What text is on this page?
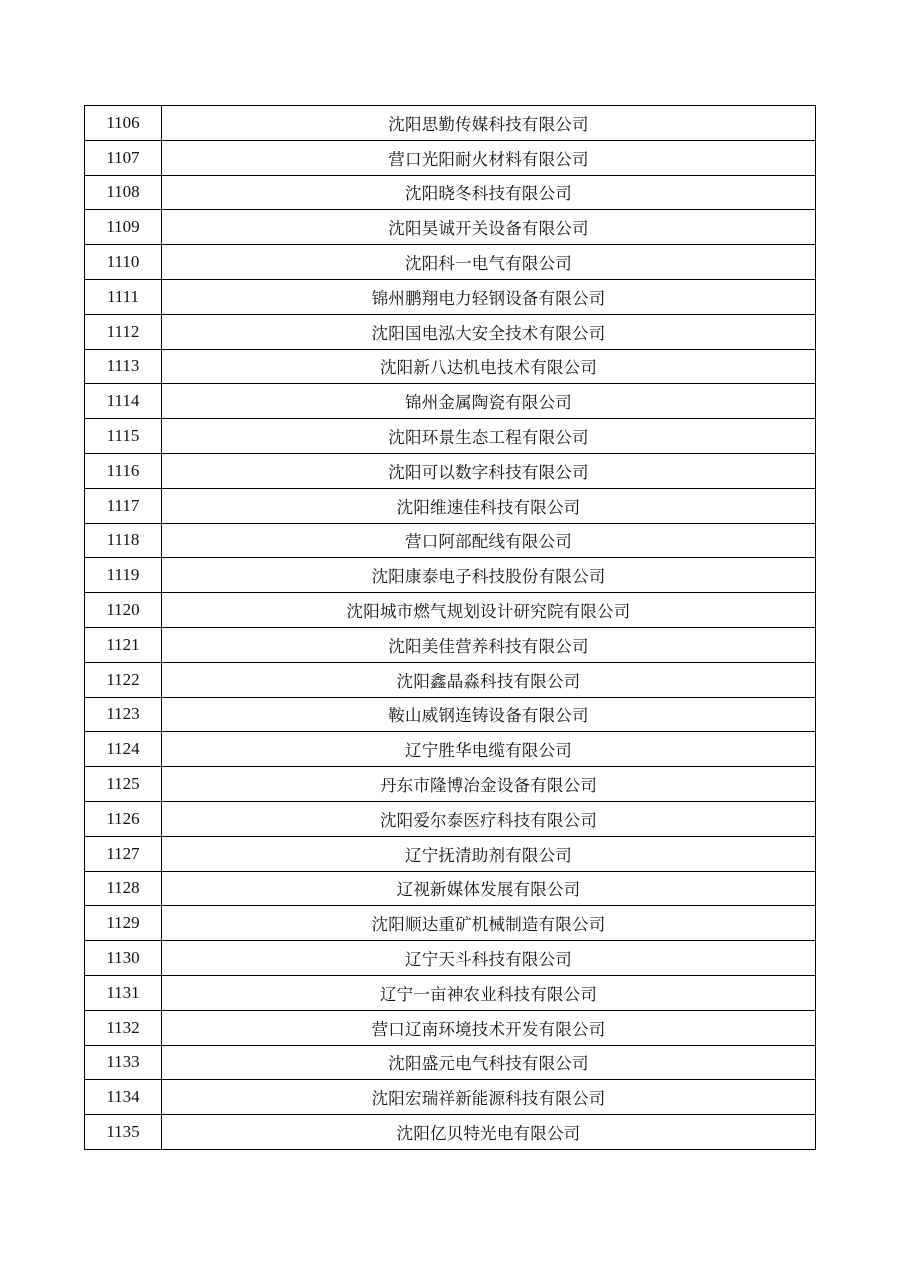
1106	沈阳思勤传媒科技有限公司
1107	营口光阳耐火材料有限公司
1108	沈阳晓冬科技有限公司
1109	沈阳昊诚开关设备有限公司
1110	沈阳科一电气有限公司
1111	锦州鹏翔电力轻钢设备有限公司
1112	沈阳国电泓大安全技术有限公司
1113	沈阳新八达机电技术有限公司
1114	锦州金属陶瓷有限公司
1115	沈阳环景生态工程有限公司
1116	沈阳可以数字科技有限公司
1117	沈阳维速佳科技有限公司
1118	营口阿部配线有限公司
1119	沈阳康泰电子科技股份有限公司
1120	沈阳城市燃气规划设计研究院有限公司
1121	沈阳美佳营养科技有限公司
1122	沈阳鑫晶淼科技有限公司
1123	鞍山威钢连铸设备有限公司
1124	辽宁胜华电缆有限公司
1125	丹东市隆博冶金设备有限公司
1126	沈阳爱尔泰医疗科技有限公司
1127	辽宁抚清助剂有限公司
1128	辽视新媒体发展有限公司
1129	沈阳顺达重矿机械制造有限公司
1130	辽宁天斗科技有限公司
1131	辽宁一亩神农业科技有限公司
1132	营口辽南环境技术开发有限公司
1133	沈阳盛元电气科技有限公司
1134	沈阳宏瑞祥新能源科技有限公司
1135	沈阳亿贝特光电有限公司
